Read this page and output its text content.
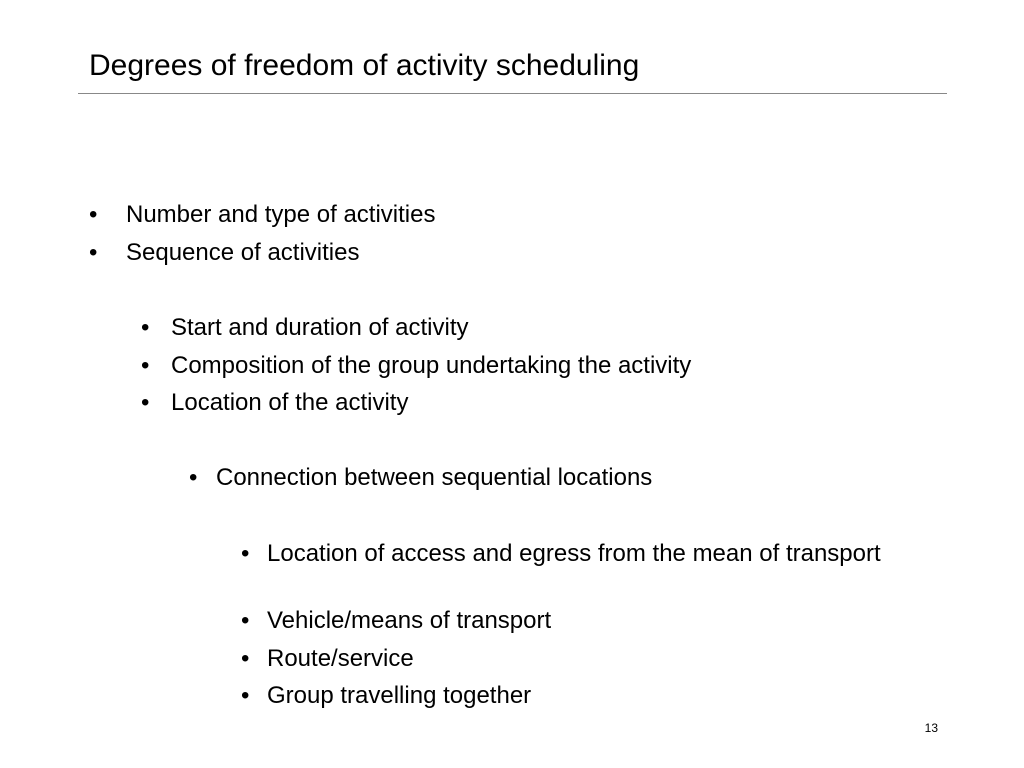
Degrees of freedom of activity scheduling
• Number and type of activities
• Sequence of activities
• Start and duration of activity
• Composition of the group undertaking the activity
• Location of the activity
• Connection between sequential locations
• Location of access and egress from the mean of transport
• Vehicle/means of transport
• Route/service
• Group travelling together
13
